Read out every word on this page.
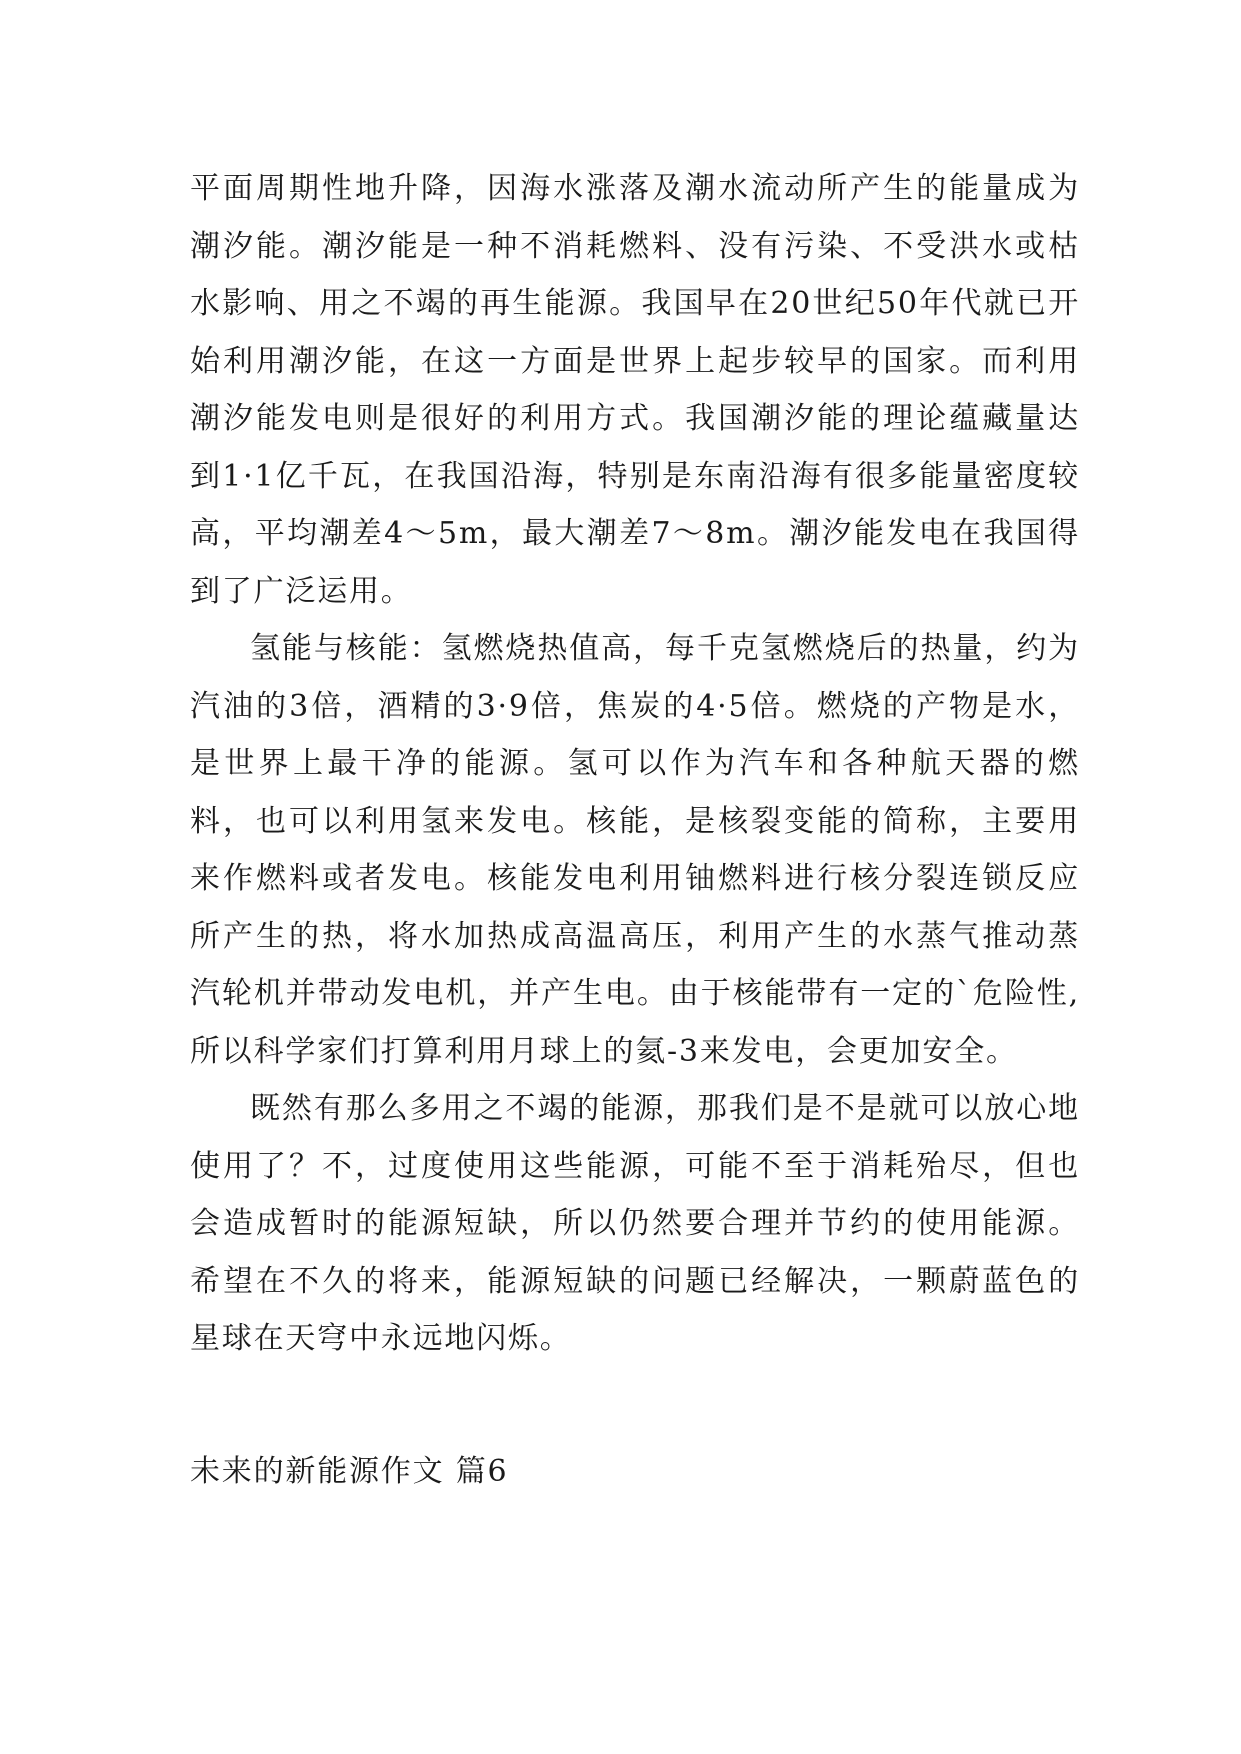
平面周期性地升降，因海水涨落及潮水流动所产生的能量成为潮汐能。潮汐能是一种不消耗燃料、没有污染、不受洪水或枯水影响、用之不竭的再生能源。我国早在20世纪50年代就已开始利用潮汐能，在这一方面是世界上起步较早的国家。而利用潮汐能发电则是很好的利用方式。我国潮汐能的理论蕴藏量达到1·1亿千瓦，在我国沿海，特别是东南沿海有很多能量密度较高，平均潮差4～5m，最大潮差7～8m。潮汐能发电在我国得到了广泛运用。

氢能与核能：氢燃烧热值高，每千克氢燃烧后的热量，约为汽油的3倍，酒精的3·9倍，焦炭的4·5倍。燃烧的产物是水，是世界上最干净的能源。氢可以作为汽车和各种航天器的燃料，也可以利用氢来发电。核能，是核裂变能的简称，主要用来作燃料或者发电。核能发电利用铀燃料进行核分裂连锁反应所产生的热，将水加热成高温高压，利用产生的水蒸气推动蒸汽轮机并带动发电机，并产生电。由于核能带有一定的`危险性,所以科学家们打算利用月球上的氦-3来发电，会更加安全。

既然有那么多用之不竭的能源，那我们是不是就可以放心地使用了？不，过度使用这些能源，可能不至于消耗殆尽，但也会造成暂时的能源短缺，所以仍然要合理并节约的使用能源。希望在不久的将来，能源短缺的问题已经解决，一颗蔚蓝色的星球在天穹中永远地闪烁。

未来的新能源作文 篇6
